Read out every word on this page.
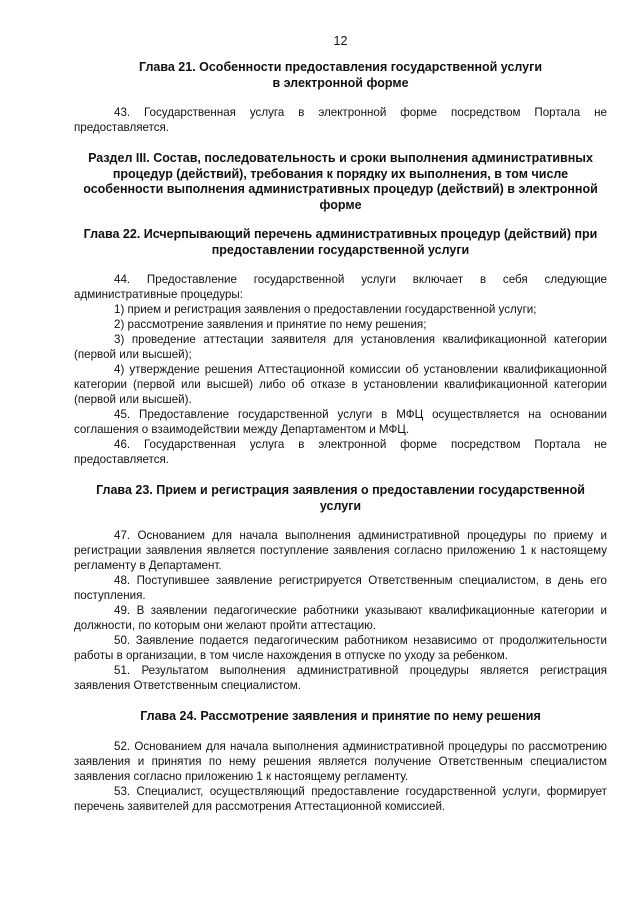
12
Глава 21. Особенности предоставления государственной услуги
в электронной форме

43. Государственная услуга в электронной форме посредством Портала не предоставляется.

Раздел III. Состав, последовательность и сроки выполнения административных процедур (действий), требования к порядку их выполнения, в том числе особенности выполнения административных процедур (действий) в электронной форме
Глава 22. Исчерпывающий перечень административных процедур (действий) при предоставлении государственной услуги

44. Предоставление государственной услуги включает в себя следующие административные процедуры:

1) прием и регистрация заявления о предоставлении государственной услуги;

2) рассмотрение заявления и принятие по нему решения;

3) проведение аттестации заявителя для установления квалификационной категории (первой или высшей);

4) утверждение решения Аттестационной комиссии об установлении квалификационной категории (первой или высшей) либо об отказе в установлении квалификационной категории (первой или высшей).

45. Предоставление государственной услуги в МФЦ осуществляется на основании соглашения о взаимодействии между Департаментом и МФЦ.

46. Государственная услуга в электронной форме посредством Портала не предоставляется.

Глава 23. Прием и регистрация заявления о предоставлении государственной услуги

47. Основанием для начала выполнения административной процедуры по приему и регистрации заявления является поступление заявления согласно приложению 1 к настоящему регламенту в Департамент.

48. Поступившее заявление регистрируется Ответственным специалистом, в день его поступления.

49. В заявлении педагогические работники указывают квалификационные категории и должности, по которым они желают пройти аттестацию.

50. Заявление подается педагогическим работником независимо от продолжительности работы в организации, в том числе нахождения в отпуске по уходу за ребенком.

51. Результатом выполнения административной процедуры является регистрация заявления Ответственным специалистом.

Глава 24. Рассмотрение заявления и принятие по нему решения

52. Основанием для начала выполнения административной процедуры по рассмотрению заявления и принятия по нему решения является получение Ответственным специалистом заявления согласно приложению 1 к настоящему регламенту.

53. Специалист, осуществляющий предоставление государственной услуги, формирует перечень заявителей для рассмотрения Аттестационной комиссией.
